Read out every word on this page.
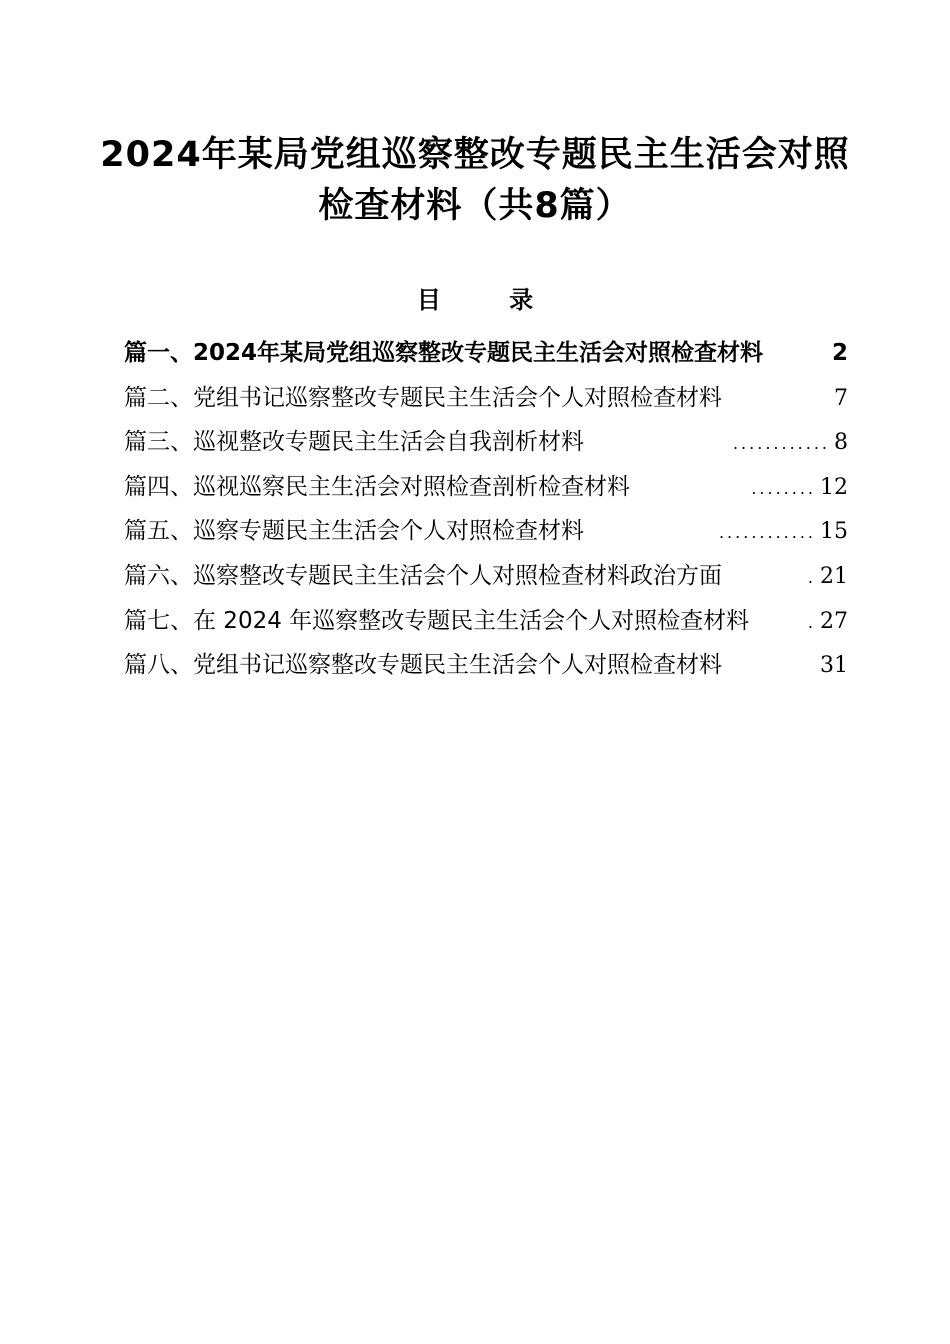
2024年某局党组巡察整改专题民主生活会对照
检查材料（共8篇）
目 录
篇一、2024年某局党组巡察整改专题民主生活会对照检查材料	2
篇二、党组书记巡察整改专题民主生活会个人对照检查材料	7
篇三、巡视整改专题民主生活会自我剖析材料	............ 8
篇四、巡视巡察民主生活会对照检查剖析检查材料	........ 12
篇五、巡察专题民主生活会个人对照检查材料	............ 15
篇六、巡察整改专题民主生活会个人对照检查材料政治方面	. 21
篇七、在 2024 年巡察整改专题民主生活会个人对照检查材料	. 27
篇八、党组书记巡察整改专题民主生活会个人对照检查材料	31
